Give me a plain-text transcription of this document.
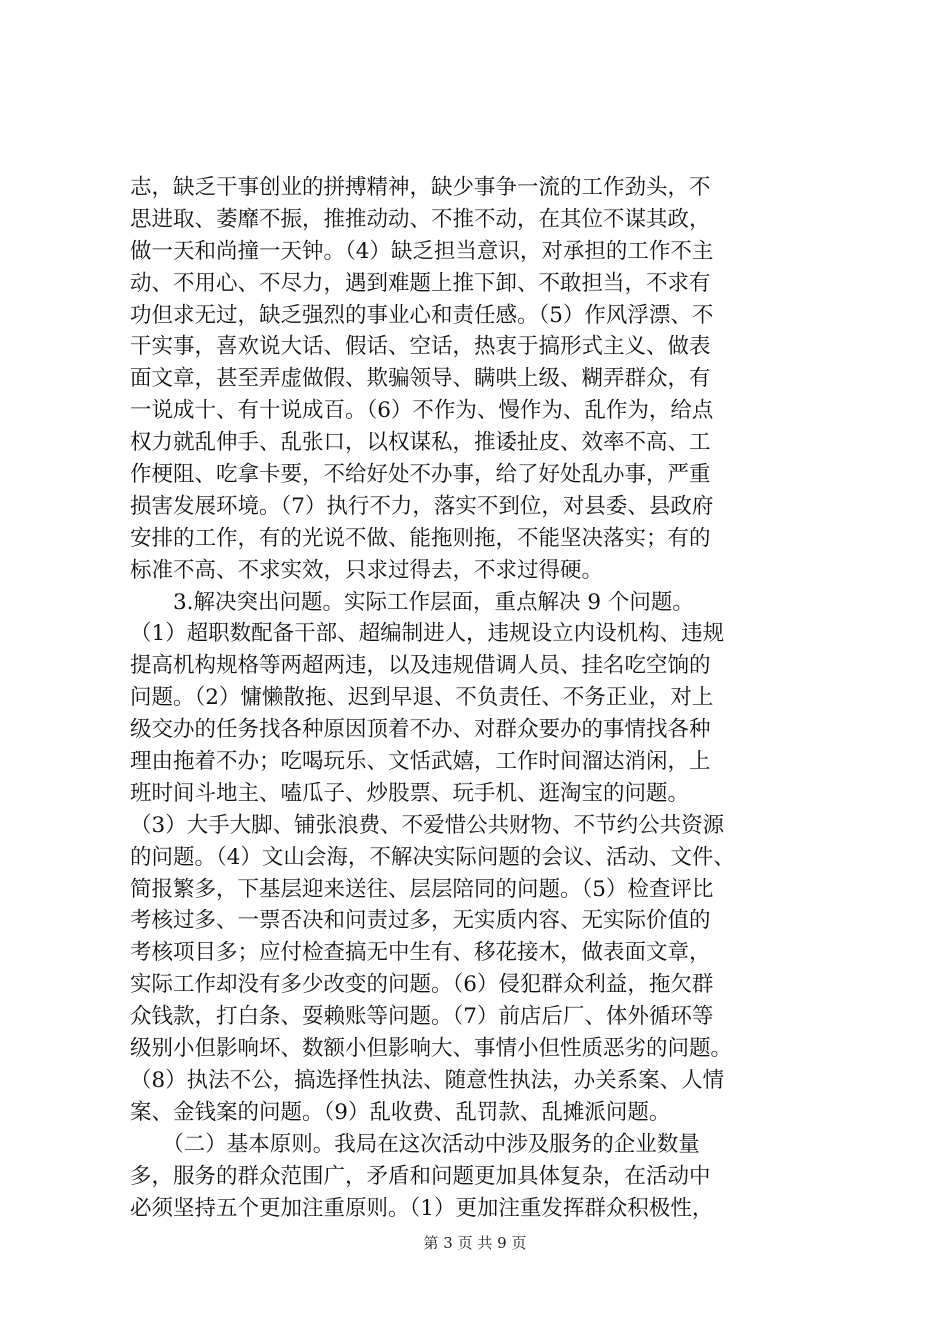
志，缺乏干事创业的拼搏精神，缺少事争一流的工作劲头，不
思进取、萎靡不振，推推动动、不推不动，在其位不谋其政，
做一天和尚撞一天钟。（4）缺乏担当意识，对承担的工作不主
动、不用心、不尽力，遇到难题上推下卸、不敢担当，不求有
功但求无过，缺乏强烈的事业心和责任感。（5）作风浮漂、不
干实事，喜欢说大话、假话、空话，热衷于搞形式主义、做表
面文章，甚至弄虚做假、欺骗领导、瞒哄上级、糊弄群众，有
一说成十、有十说成百。（6）不作为、慢作为、乱作为，给点
权力就乱伸手、乱张口，以权谋私，推诿扯皮、效率不高、工
作梗阻、吃拿卡要，不给好处不办事，给了好处乱办事，严重
损害发展环境。（7）执行不力，落实不到位，对县委、县政府
安排的工作，有的光说不做、能拖则拖，不能坚决落实；有的
标准不高、不求实效，只求过得去，不求过得硬。
　　3.解决突出问题。实际工作层面，重点解决 9 个问题。
（1）超职数配备干部、超编制进人，违规设立内设机构、违规
提高机构规格等两超两违，以及违规借调人员、挂名吃空饷的
问题。（2）慵懒散拖、迟到早退、不负责任、不务正业，对上
级交办的任务找各种原因顶着不办、对群众要办的事情找各种
理由拖着不办；吃喝玩乐、文恬武嬉，工作时间溜达消闲，上
班时间斗地主、嗑瓜子、炒股票、玩手机、逛淘宝的问题。
（3）大手大脚、铺张浪费、不爱惜公共财物、不节约公共资源
的问题。（4）文山会海，不解决实际问题的会议、活动、文件、
简报繁多，下基层迎来送往、层层陪同的问题。（5）检查评比
考核过多、一票否决和问责过多，无实质内容、无实际价值的
考核项目多；应付检查搞无中生有、移花接木，做表面文章，
实际工作却没有多少改变的问题。（6）侵犯群众利益，拖欠群
众钱款，打白条、耍赖账等问题。（7）前店后厂、体外循环等
级别小但影响坏、数额小但影响大、事情小但性质恶劣的问题。
（8）执法不公，搞选择性执法、随意性执法，办关系案、人情
案、金钱案的问题。（9）乱收费、乱罚款、乱摊派问题。
　　（二）基本原则。我局在这次活动中涉及服务的企业数量
多，服务的群众范围广，矛盾和问题更加具体复杂，在活动中
必须坚持五个更加注重原则。（1）更加注重发挥群众积极性，
第 3 页 共 9 页
